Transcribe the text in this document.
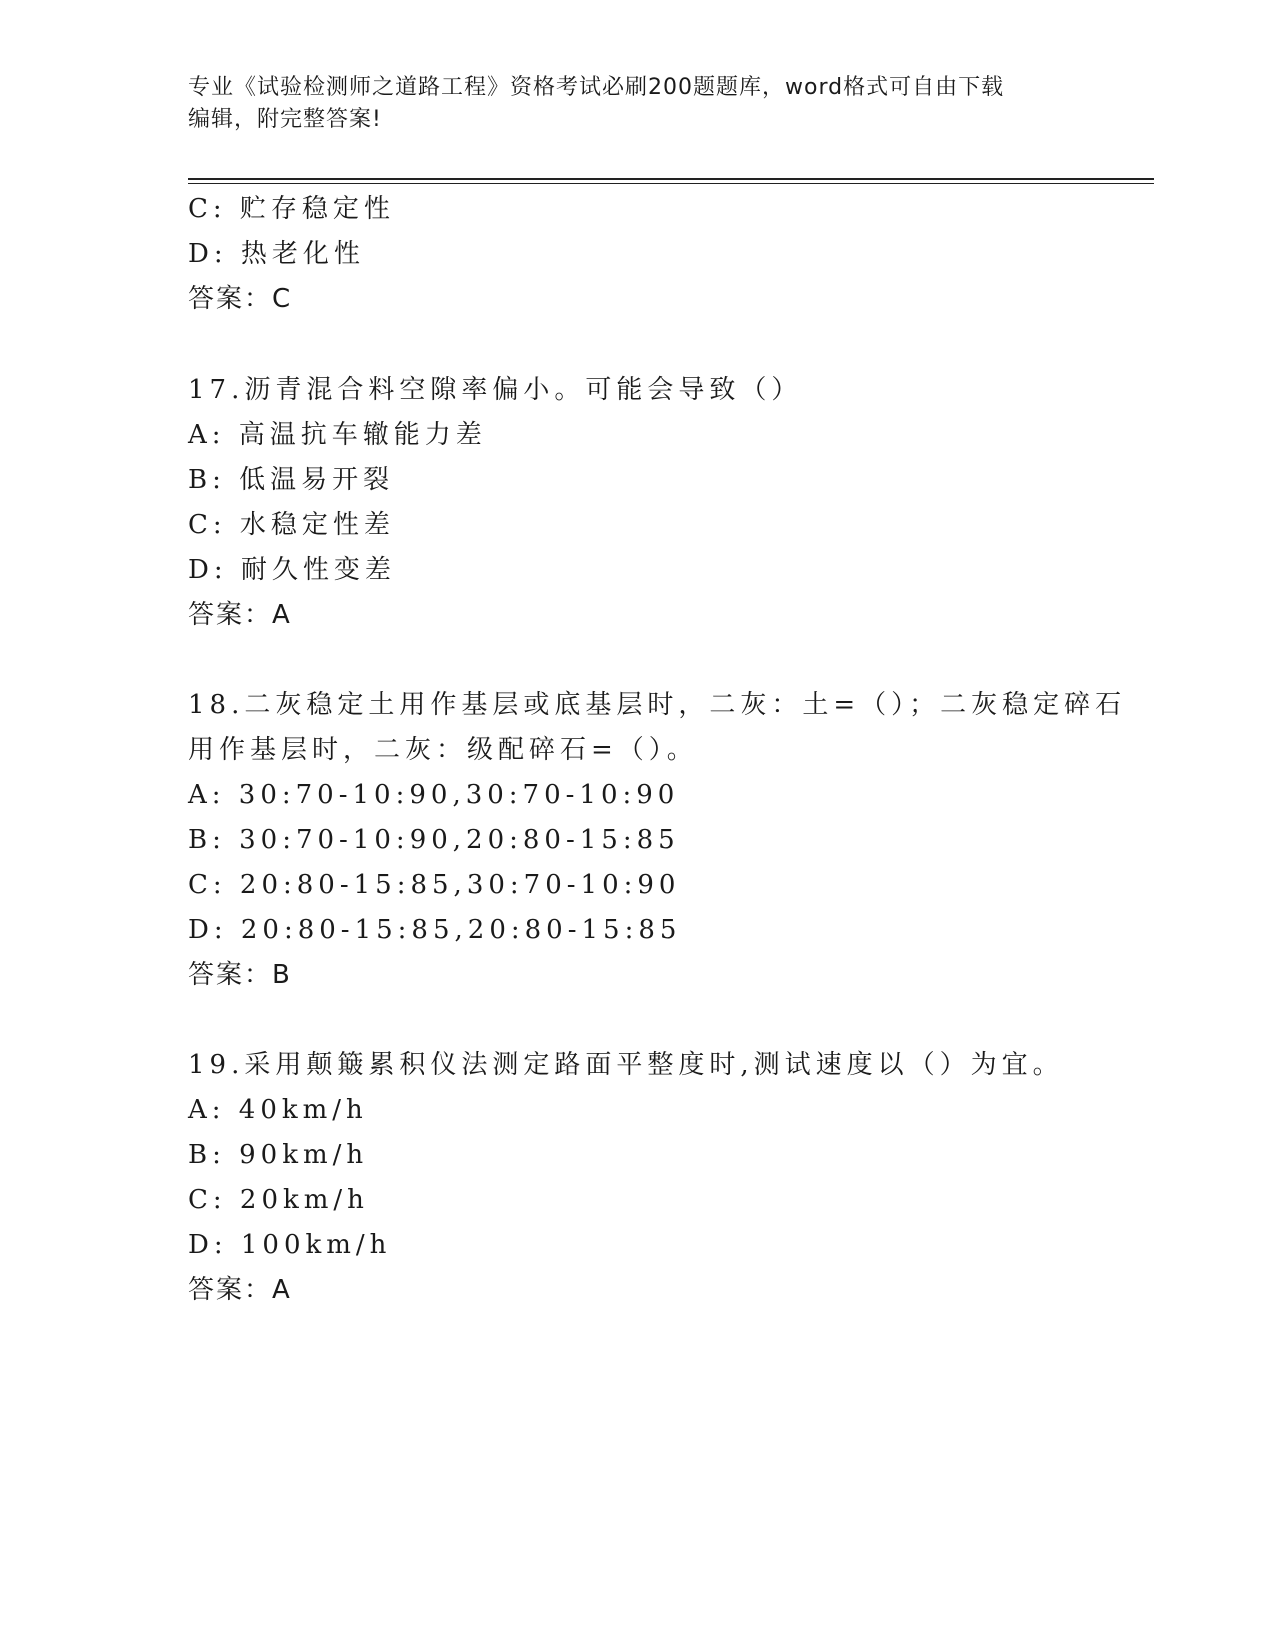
专业《试验检测师之道路工程》资格考试必刷200题题库，word格式可自由下载
编辑，附完整答案!
C: 贮存稳定性
D: 热老化性
答案：C
17.沥青混合料空隙率偏小。可能会导致（）
A: 高温抗车辙能力差
B: 低温易开裂
C: 水稳定性差
D: 耐久性变差
答案：A
18.二灰稳定土用作基层或底基层时，二灰：土=（）；二灰稳定碎石
用作基层时，二灰：级配碎石=（）。
A: 30:70-10:90,30:70-10:90
B: 30:70-10:90,20:80-15:85
C: 20:80-15:85,30:70-10:90
D: 20:80-15:85,20:80-15:85
答案：B
19.采用颠簸累积仪法测定路面平整度时,测试速度以（）为宜。
A: 40km/h
B: 90km/h
C: 20km/h
D: 100km/h
答案：A
